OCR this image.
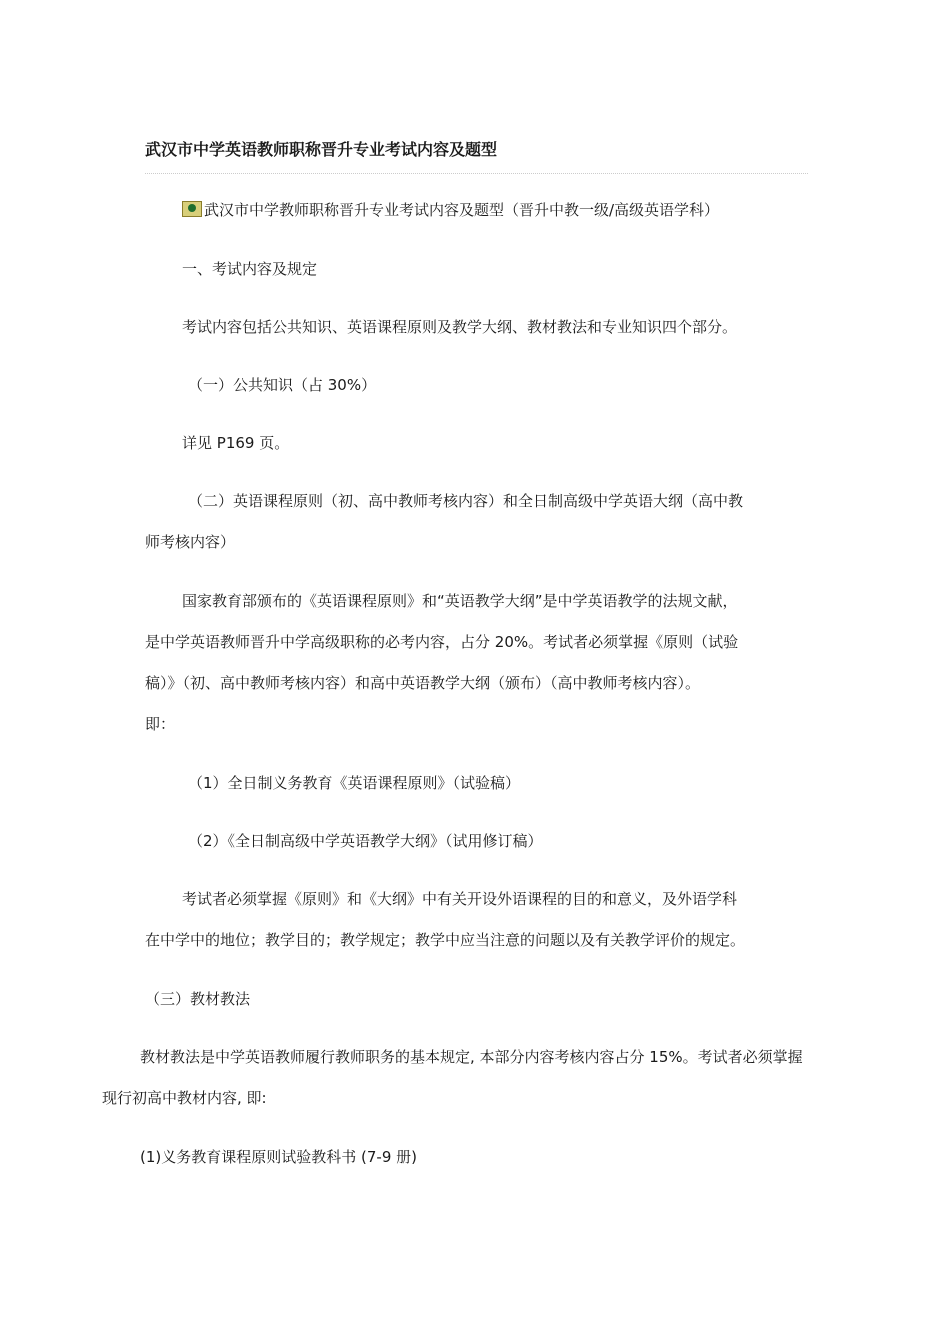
武汉市中学英语教师职称晋升专业考试内容及题型
武汉市中学教师职称晋升专业考试内容及题型（晋升中教一级/高级英语学科）
一、考试内容及规定
考试内容包括公共知识、英语课程原则及教学大纲、教材教法和专业知识四个部分。
（一）公共知识（占 30%）
详见 P169 页。
（二）英语课程原则（初、高中教师考核内容）和全日制高级中学英语大纲（高中教
师考核内容）
国家教育部颁布的《英语课程原则》和“英语教学大纲”是中学英语教学的法规文献，
是中学英语教师晋升中学高级职称的必考内容，占分 20%。考试者必须掌握《原则（试验
稿）》（初、高中教师考核内容）和高中英语教学大纲（颁布）（高中教师考核内容）。
即：
（1）全日制义务教育《英语课程原则》（试验稿）
（2）《全日制高级中学英语教学大纲》（试用修订稿）
考试者必须掌握《原则》和《大纲》中有关开设外语课程的目的和意义，及外语学科
在中学中的地位；教学目的；教学规定；教学中应当注意的问题以及有关教学评价的规定。
（三）教材教法
教材教法是中学英语教师履行教师职务的基本规定, 本部分内容考核内容占分 15%。考试者必须掌握
现行初高中教材内容, 即:
(1)义务教育课程原则试验教科书 (7-9 册)
